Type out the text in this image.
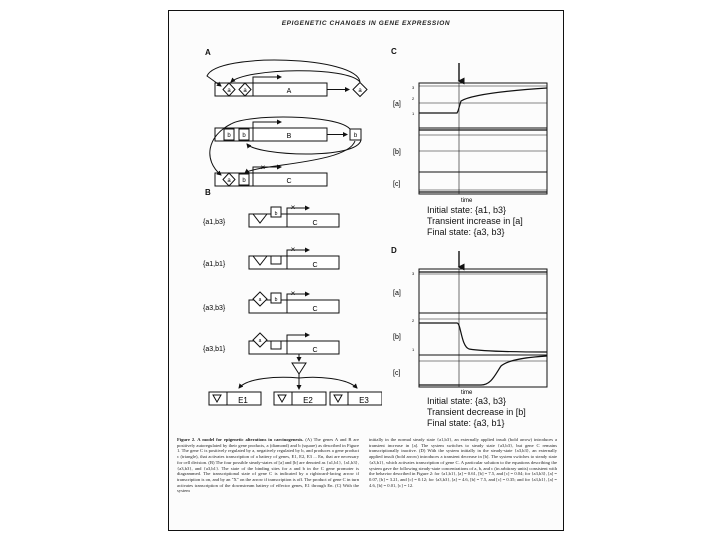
EPIGENETIC CHANGES IN GENE EXPRESSION
A
B
C
D
×
a a
b b
a b
A
B
C
a
b
×
×
×
{a1,b3}
{a1,b1}
{a3,b3}
{a3,b1}
C
C
C
C
b
a	b
a
E1	E2	E3
[a]
[b]
[c]
3
2
1
time
Initial state: {a1, b3}
Transient increase in [a]
Final state: {a3, b3}
[a]
[b]
[c]
3
2
1
time
Initial state: {a3, b3}
Transient decrease in [b]
Final state: {a3, b1}
Figure 2. A model for epigenetic alterations in carcinogenesis. (A) The genes A and B are positively autoregulated by their gene products, a (diamond) and b (square) as described in Figure 1. The gene C is positively regulated by a, negatively regulated by b, and produces a gene product c (triangle), that activates transcription of a battery of genes, E1, E2, E3 ... En, that are necessary for cell division. (B) The four possible steady-states of [a] and [b] are denoted as {a1,b1}, {a1,b3}, {a3,b3}, and {a3,b1}. The state of the binding sites for a and b in the C gene promoter is diagrammed. The transcriptional state of gene C is indicated by a rightward-facing arrow if transcription is on, and by an "X" on the arrow if transcription is off. The product of gene C in turn activates transcription of the downstream battery of effector genes, E1 through En. (C) With the system
initially in the normal steady state {a1,b3}, an externally applied insult (bold arrow) introduces a transient increase in [a]. The system switches to steady state {a3,b3}, but gene C remains transcriptionally inactive. (D) With the system initially in the steady-state {a3,b3}, an externally applied insult (bold arrow) introduces a transient decrease in [b]. The system switches to steady state {a3,b1}, which activates transcription of gene C. A particular solution to the equations describing the system gave the following steady-state concentrations of a, b, and c (in arbitrary units) consistent with the behavior described in Figure 2: for {a1,b1}, [a] = 0.61, [b] = 7.5, and [c] = 0.04; for {a3,b3}, [a] = 0.07, [b] = 3.21, and [c] = 0.12; for {a3,b3}, [a] = 4.6, [b] = 7.5, and [c] = 0.35; and for {a3,b1}, [a] = 4.6, [b] = 0.01, [c] = 12.
